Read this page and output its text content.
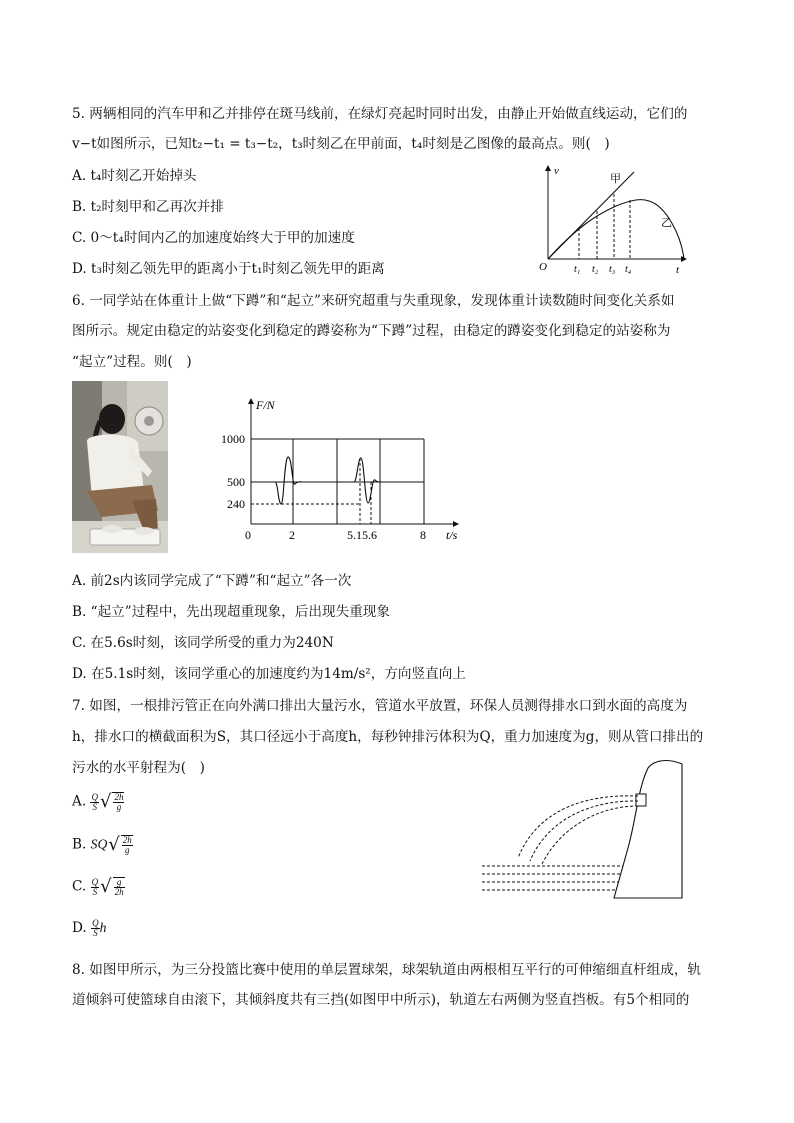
5. 两辆相同的汽车甲和乙并排停在斑马线前，在绿灯亮起时同时出发，由静止开始做直线运动，它们的
v−t如图所示，已知t₂−t₁ = t₃−t₂，t₃时刻乙在甲前面，t₄时刻是乙图像的最高点。则(　)
A. t₄时刻乙开始掉头
B. t₂时刻甲和乙再次并排
C. 0～t₄时间内乙的加速度始终大于甲的加速度
D. t₃时刻乙领先甲的距离小于t₁时刻乙领先甲的距离
v
t
O
甲
乙
t₁ t₂ t₃ t₄
6. 一同学站在体重计上做“下蹲”和“起立”来研究超重与失重现象，发现体重计读数随时间变化关系如
图所示。规定由稳定的站姿变化到稳定的蹲姿称为“下蹲”过程，由稳定的蹲姿变化到稳定的站姿称为
“起立”过程。则(　)
F/N
t/s
1000
500
240
0	2	5.15.6	8
A. 前2s内该同学完成了“下蹲”和“起立”各一次
B. “起立”过程中，先出现超重现象，后出现失重现象
C. 在5.6s时刻，该同学所受的重力为240N
D. 在5.1s时刻，该同学重心的加速度约为14m/s²，方向竖直向上
7. 如图，一根排污管正在向外满口排出大量污水，管道水平放置，环保人员测得排水口到水面的高度为
h，排水口的横截面积为S，其口径远小于高度h，每秒钟排污体积为Q，重力加速度为g，则从管口排出的
污水的水平射程为(　)
A. $\frac{Q}{S}$ √ $\frac{2h}{g}$
B. $SQ√ \frac{2h}{g}$
C. $\frac{Q}{S}$ √ $\frac{g}{2h}$
D. $\frac{Q}{S}$ h
8. 如图甲所示，为三分投篮比赛中使用的单层置球架，球架轨道由两根相互平行的可伸缩细直杆组成，轨
道倾斜可使篮球自由滚下，其倾斜度共有三挡(如图甲中所示)，轨道左右两侧为竖直挡板。有5个相同的
